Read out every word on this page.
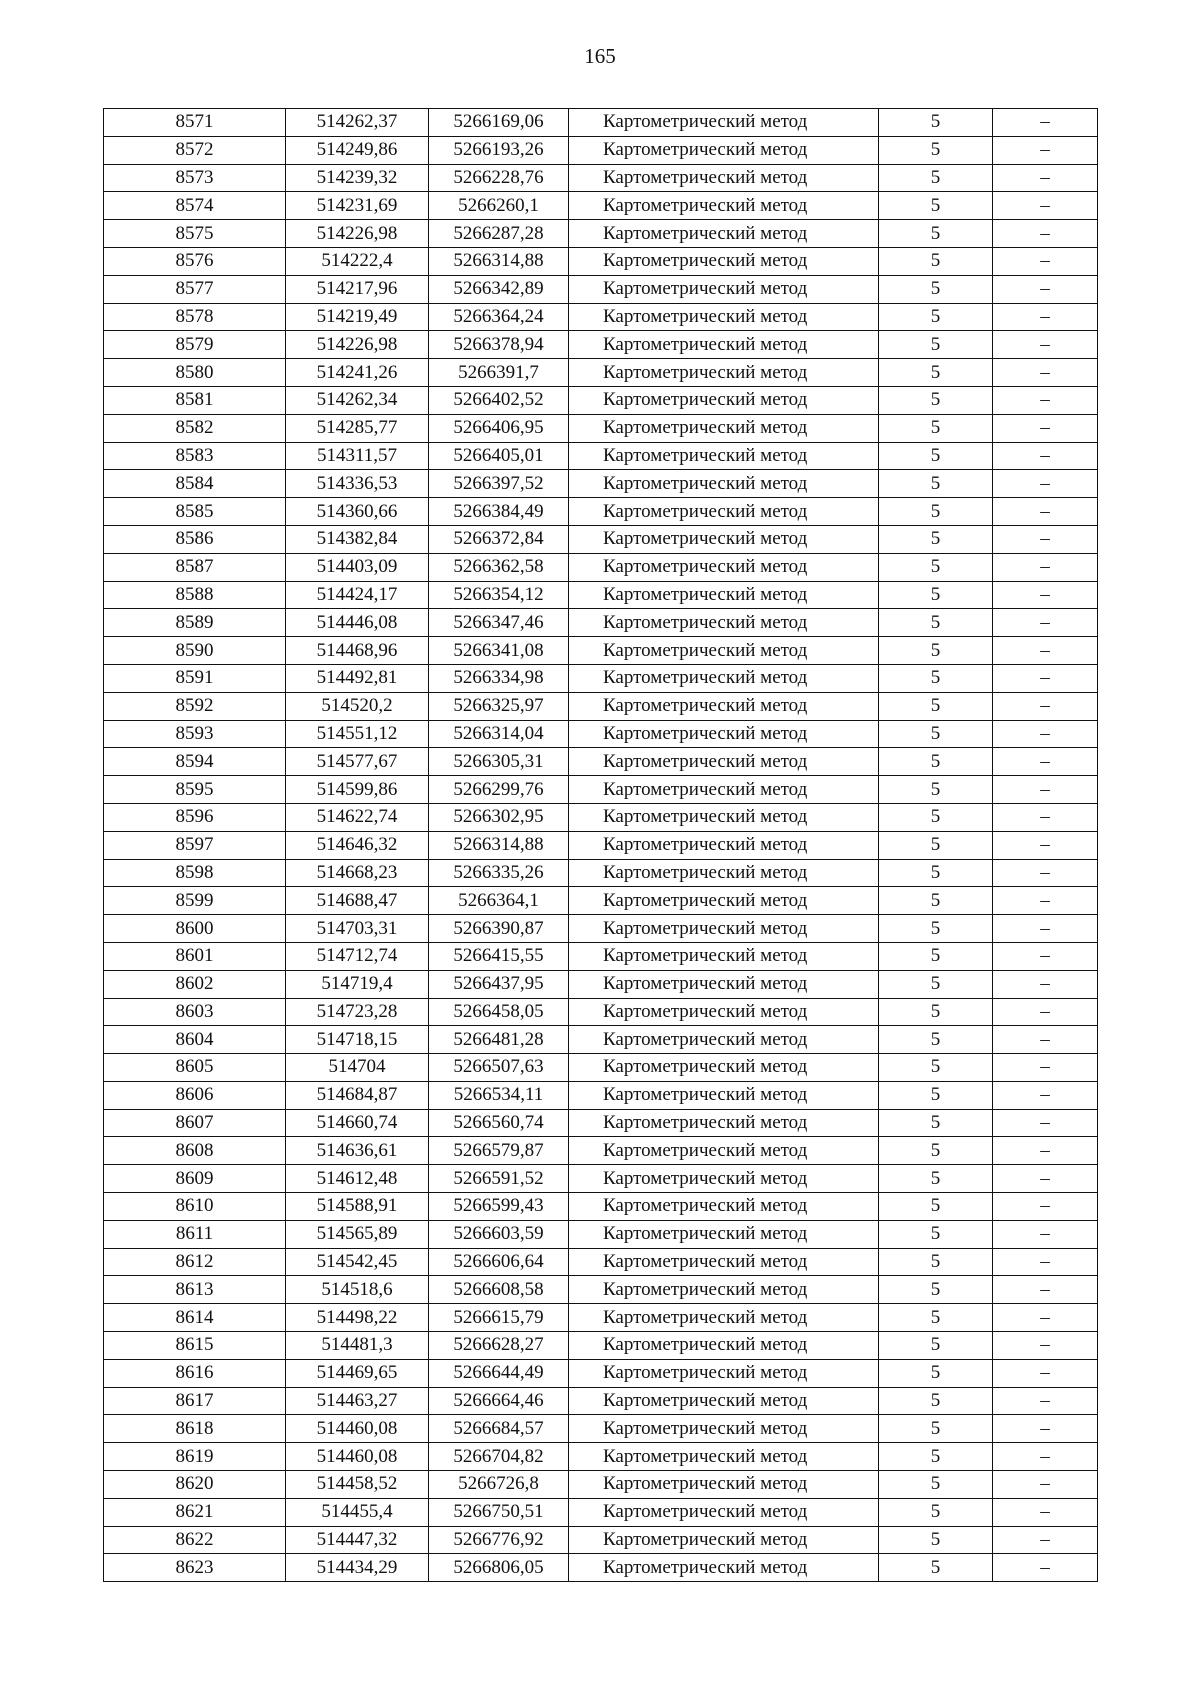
165
8571	514262,37	5266169,06	Картометрический метод	5	–
8572	514249,86	5266193,26	Картометрический метод	5	–
8573	514239,32	5266228,76	Картометрический метод	5	–
8574	514231,69	5266260,1	Картометрический метод	5	–
8575	514226,98	5266287,28	Картометрический метод	5	–
8576	514222,4	5266314,88	Картометрический метод	5	–
8577	514217,96	5266342,89	Картометрический метод	5	–
8578	514219,49	5266364,24	Картометрический метод	5	–
8579	514226,98	5266378,94	Картометрический метод	5	–
8580	514241,26	5266391,7	Картометрический метод	5	–
8581	514262,34	5266402,52	Картометрический метод	5	–
8582	514285,77	5266406,95	Картометрический метод	5	–
8583	514311,57	5266405,01	Картометрический метод	5	–
8584	514336,53	5266397,52	Картометрический метод	5	–
8585	514360,66	5266384,49	Картометрический метод	5	–
8586	514382,84	5266372,84	Картометрический метод	5	–
8587	514403,09	5266362,58	Картометрический метод	5	–
8588	514424,17	5266354,12	Картометрический метод	5	–
8589	514446,08	5266347,46	Картометрический метод	5	–
8590	514468,96	5266341,08	Картометрический метод	5	–
8591	514492,81	5266334,98	Картометрический метод	5	–
8592	514520,2	5266325,97	Картометрический метод	5	–
8593	514551,12	5266314,04	Картометрический метод	5	–
8594	514577,67	5266305,31	Картометрический метод	5	–
8595	514599,86	5266299,76	Картометрический метод	5	–
8596	514622,74	5266302,95	Картометрический метод	5	–
8597	514646,32	5266314,88	Картометрический метод	5	–
8598	514668,23	5266335,26	Картометрический метод	5	–
8599	514688,47	5266364,1	Картометрический метод	5	–
8600	514703,31	5266390,87	Картометрический метод	5	–
8601	514712,74	5266415,55	Картометрический метод	5	–
8602	514719,4	5266437,95	Картометрический метод	5	–
8603	514723,28	5266458,05	Картометрический метод	5	–
8604	514718,15	5266481,28	Картометрический метод	5	–
8605	514704	5266507,63	Картометрический метод	5	–
8606	514684,87	5266534,11	Картометрический метод	5	–
8607	514660,74	5266560,74	Картометрический метод	5	–
8608	514636,61	5266579,87	Картометрический метод	5	–
8609	514612,48	5266591,52	Картометрический метод	5	–
8610	514588,91	5266599,43	Картометрический метод	5	–
8611	514565,89	5266603,59	Картометрический метод	5	–
8612	514542,45	5266606,64	Картометрический метод	5	–
8613	514518,6	5266608,58	Картометрический метод	5	–
8614	514498,22	5266615,79	Картометрический метод	5	–
8615	514481,3	5266628,27	Картометрический метод	5	–
8616	514469,65	5266644,49	Картометрический метод	5	–
8617	514463,27	5266664,46	Картометрический метод	5	–
8618	514460,08	5266684,57	Картометрический метод	5	–
8619	514460,08	5266704,82	Картометрический метод	5	–
8620	514458,52	5266726,8	Картометрический метод	5	–
8621	514455,4	5266750,51	Картометрический метод	5	–
8622	514447,32	5266776,92	Картометрический метод	5	–
8623	514434,29	5266806,05	Картометрический метод	5	–
